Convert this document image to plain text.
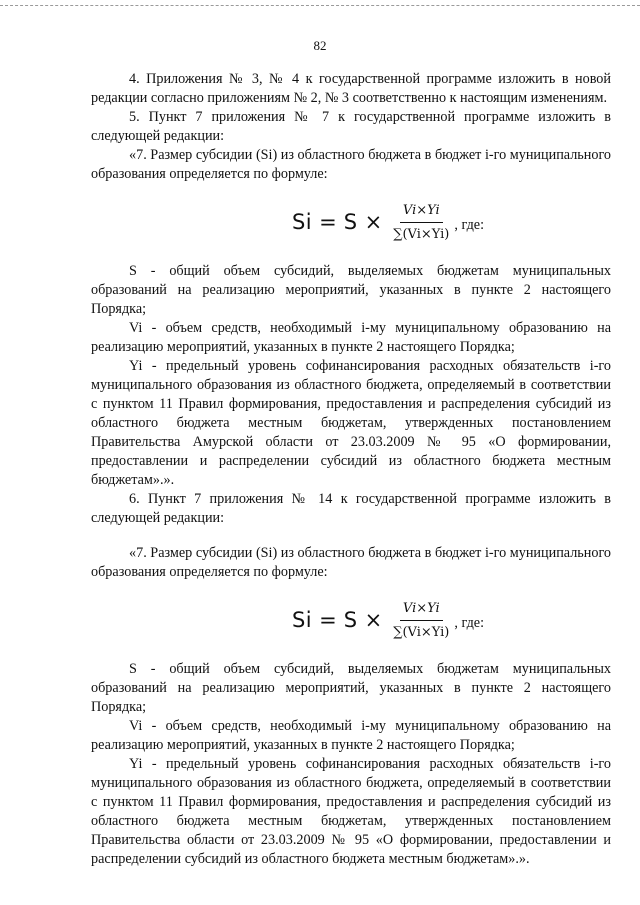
82

4. Приложения № 3, № 4 к государственной программе изложить в новой редакции согласно приложениям № 2, № 3 соответственно к настоящим изменениям.

5. Пункт 7 приложения № 7 к государственной программе изложить в следующей редакции:

«7. Размер субсидии (Si) из областного бюджета в бюджет i-го муниципального образования определяется по формуле:

$Si = S \times \frac{Vi\times Yi}{\sum(Vi\times Yi)}$ , где:

S - общий объем субсидий, выделяемых бюджетам муниципальных образований на реализацию мероприятий, указанных в пункте 2 настоящего Порядка;

Vi - объем средств, необходимый i-му муниципальному образованию на реализацию мероприятий, указанных в пункте 2 настоящего Порядка;

Yi - предельный уровень софинансирования расходных обязательств i-го муниципального образования из областного бюджета, определяемый в соответствии с пунктом 11 Правил формирования, предоставления и распределения субсидий из областного бюджета местным бюджетам, утвержденных постановлением Правительства Амурской области от 23.03.2009 № 95 «О формировании, предоставлении и распределении субсидий из областного бюджета местным бюджетам».».

6. Пункт 7 приложения № 14 к государственной программе изложить в следующей редакции:

«7. Размер субсидии (Si) из областного бюджета в бюджет i-го муниципального образования определяется по формуле:

$Si = S \times \frac{Vi\times Yi}{\sum(Vi\times Yi)}$ , где:

S - общий объем субсидий, выделяемых бюджетам муниципальных образований на реализацию мероприятий, указанных в пункте 2 настоящего Порядка;

Vi - объем средств, необходимый i-му муниципальному образованию на реализацию мероприятий, указанных в пункте 2 настоящего Порядка;

Yi - предельный уровень софинансирования расходных обязательств i-го муниципального образования из областного бюджета, определяемый в соответствии с пунктом 11 Правил формирования, предоставления и распределения субсидий из областного бюджета местным бюджетам, утвержденных постановлением Правительства области от 23.03.2009 № 95 «О формировании, предоставлении и распределении субсидий из областного бюджета местным бюджетам».».
